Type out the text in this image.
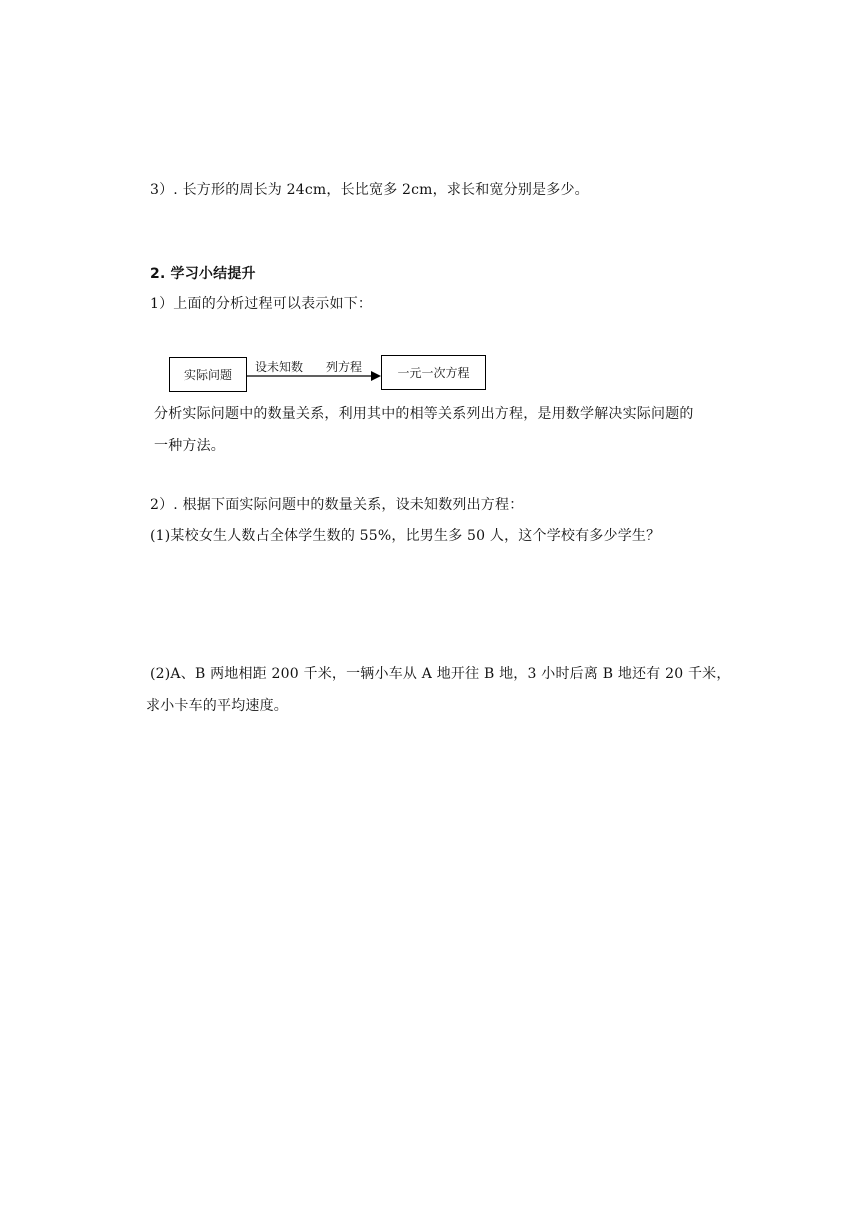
3）. 长方形的周长为 24cm，长比宽多 2cm，求长和宽分别是多少。
2. 学习小结提升
1）上面的分析过程可以表示如下：
实际问题
设未知数 列方程	一元一次方程
分析实际问题中的数量关系，利用其中的相等关系列出方程，是用数学解决实际问题的
一种方法。
2）. 根据下面实际问题中的数量关系，设未知数列出方程：
(1)某校女生人数占全体学生数的 55%，比男生多 50 人，这个学校有多少学生？
(2)A、B 两地相距 200 千米，一辆小车从 A 地开往 B 地，3 小时后离 B 地还有 20 千米，
求小卡车的平均速度。
